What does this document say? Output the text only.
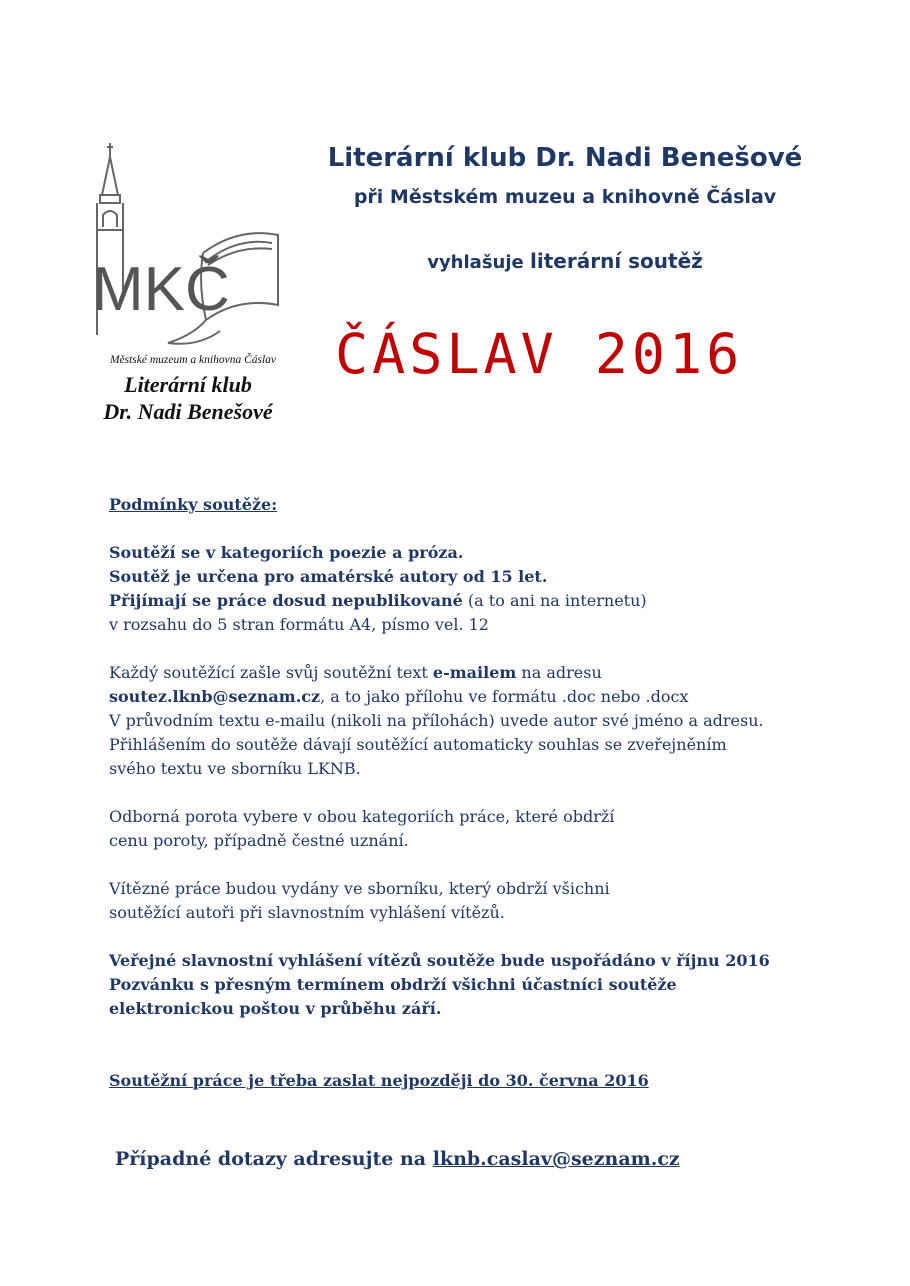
MKČ
Městské muzeum a knihovna Čáslav
Literární klub
Dr. Nadi Benešové
Literární klub Dr. Nadi Benešové
při Městském muzeu a knihovně Čáslav
vyhlašuje literární soutěž
ČÁSLAV 2016
Podmínky soutěže:
Soutěží se v kategoriích poezie a próza.
Soutěž je určena pro amatérské autory od 15 let.
Přijímají se práce dosud nepublikované (a to ani na internetu)
v rozsahu do 5 stran formátu A4, písmo vel. 12
Každý soutěžící zašle svůj soutěžní text e-mailem na adresu
soutez.lknb@seznam.cz, a to jako přílohu ve formátu .doc nebo .docx
V průvodním textu e-mailu (nikoli na přílohách) uvede autor své jméno a adresu.
Přihlášením do soutěže dávají soutěžící automaticky souhlas se zveřejněním
svého textu ve sborníku LKNB.
Odborná porota vybere v obou kategoriích práce, které obdrží
cenu poroty, případně čestné uznání.
Vítězné práce budou vydány ve sborníku, který obdrží všichni
soutěžící autoři při slavnostním vyhlášení vítězů.
Veřejné slavnostní vyhlášení vítězů soutěže bude uspořádáno v říjnu 2016
Pozvánku s přesným termínem obdrží všichni účastníci soutěže
elektronickou poštou v průběhu září.
Soutěžní práce je třeba zaslat nejpozději do 30. června 2016
Případné dotazy adresujte na lknb.caslav@seznam.cz
